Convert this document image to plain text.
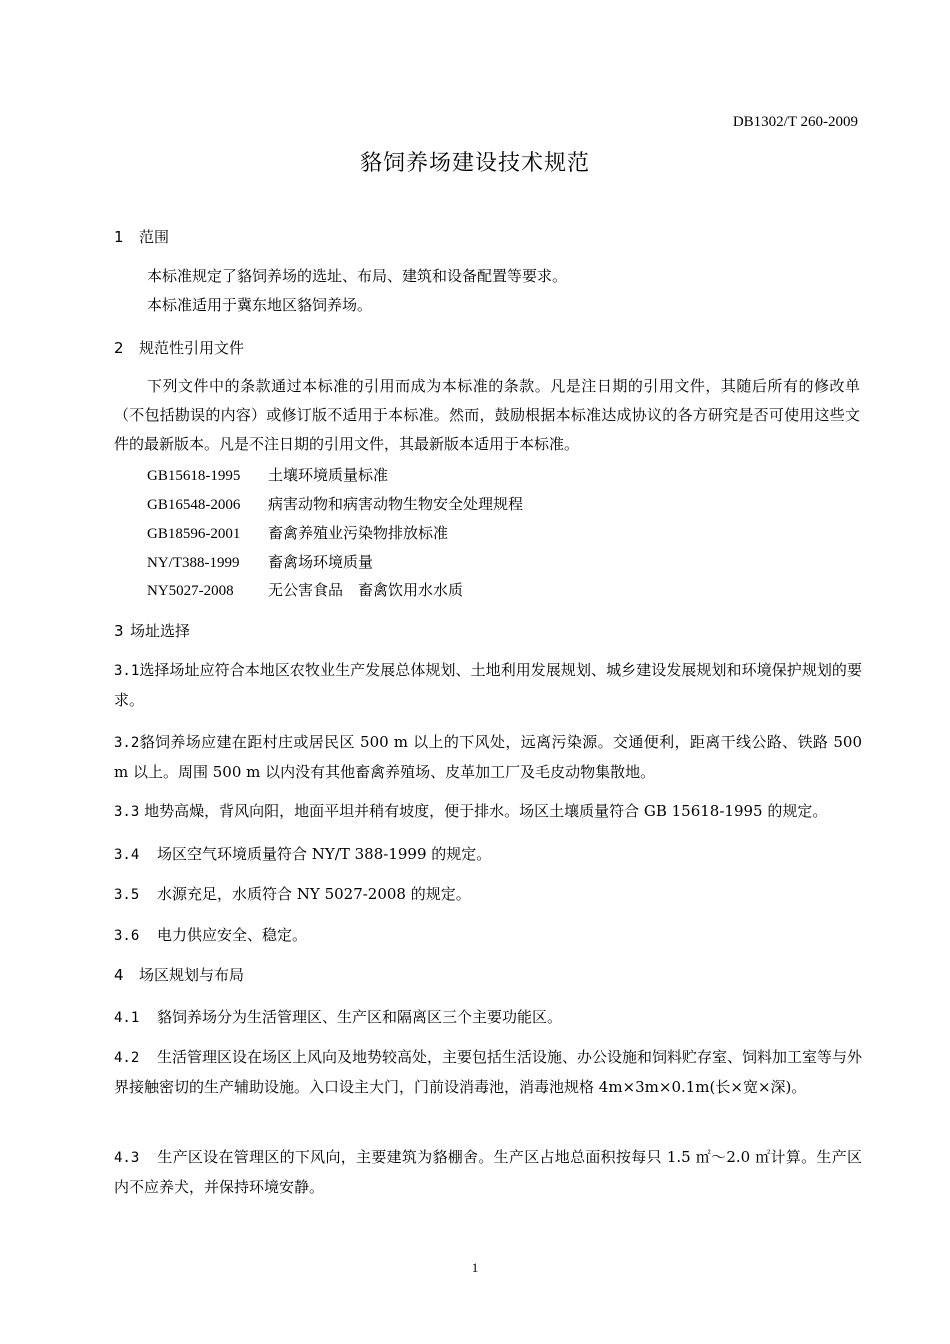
DB1302/T 260-2009
貉饲养场建设技术规范
1 范围
本标准规定了貉饲养场的选址、布局、建筑和设备配置等要求。
本标准适用于冀东地区貉饲养场。
2 规范性引用文件
下列文件中的条款通过本标准的引用而成为本标准的条款。凡是注日期的引用文件，其随后所有的修改单（不包括勘误的内容）或修订版不适用于本标准。然而，鼓励根据本标准达成协议的各方研究是否可使用这些文件的最新版本。凡是不注日期的引用文件，其最新版本适用于本标准。
GB15618-1995 土壤环境质量标准
GB16548-2006 病害动物和病害动物生物安全处理规程
GB18596-2001 畜禽养殖业污染物排放标准
NY/T388-1999 畜禽场环境质量
NY5027-2008 无公害食品　畜禽饮用水水质
3 场址选择
3.1选择场址应符合本地区农牧业生产发展总体规划、土地利用发展规划、城乡建设发展规划和环境保护规划的要求。
3.2貉饲养场应建在距村庄或居民区 500 m 以上的下风处，远离污染源。交通便利，距离干线公路、铁路 500 m 以上。周围 500 m 以内没有其他畜禽养殖场、皮革加工厂及毛皮动物集散地。
3.3 地势高燥，背风向阳，地面平坦并稍有坡度，便于排水。场区土壤质量符合 GB 15618-1995 的规定。
3.4 场区空气环境质量符合 NY/T 388-1999 的规定。
3.5 水源充足，水质符合 NY 5027-2008 的规定。
3.6 电力供应安全、稳定。
4 场区规划与布局
4.1 貉饲养场分为生活管理区、生产区和隔离区三个主要功能区。
4.2 生活管理区设在场区上风向及地势较高处，主要包括生活设施、办公设施和饲料贮存室、饲料加工室等与外界接触密切的生产辅助设施。入口设主大门，门前设消毒池，消毒池规格 4m×3m×0.1m(长×宽×深)。
4.3 生产区设在管理区的下风向，主要建筑为貉棚舍。生产区占地总面积按每只 1.5 ㎡～2.0 ㎡计算。生产区内不应养犬，并保持环境安静。
1
